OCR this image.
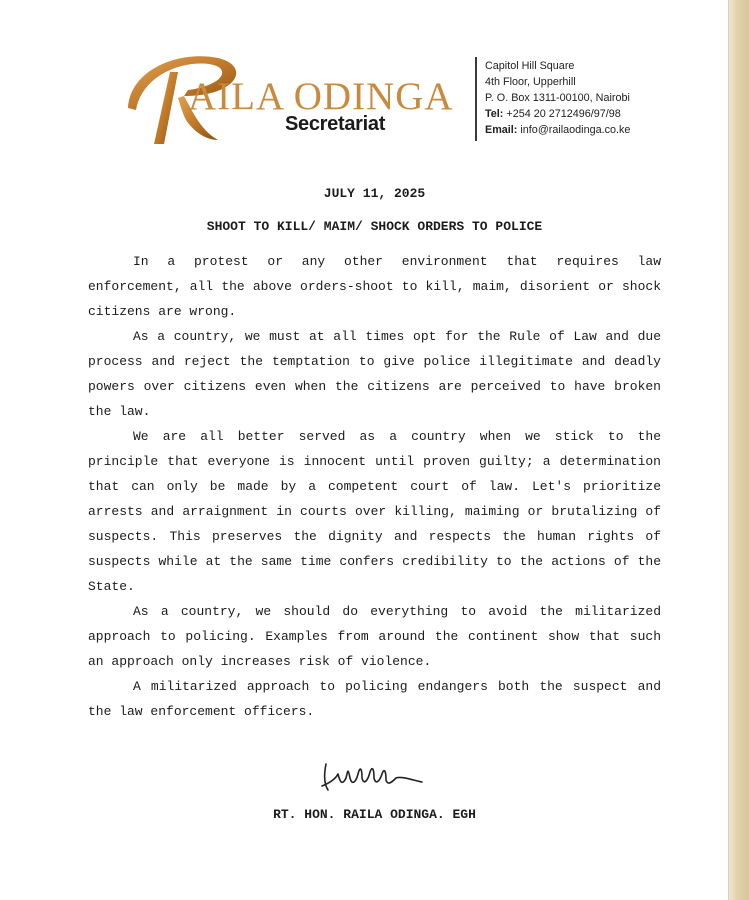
AILA ODINGA
Secretariat
Capitol Hill Square
4th Floor, Upperhill
P. O. Box 1311-00100, Nairobi
Tel: +254 20 2712496/97/98
Email: info@railaodinga.co.ke
JULY 11, 2025
SHOOT TO KILL/ MAIM/ SHOCK ORDERS TO POLICE

In a protest or any other environment that requires law enforcement, all the above orders-shoot to kill, maim, disorient or shock citizens are wrong.

As a country, we must at all times opt for the Rule of Law and due process and reject the temptation to give police illegitimate and deadly powers over citizens even when the citizens are perceived to have broken the law.

We are all better served as a country when we stick to the principle that everyone is innocent until proven guilty; a determination that can only be made by a competent court of law. Let's prioritize arrests and arraignment in courts over killing, maiming or brutalizing of suspects. This preserves the dignity and respects the human rights of suspects while at the same time confers credibility to the actions of the State.

As a country, we should do everything to avoid the militarized approach to policing. Examples from around the continent show that such an approach only increases risk of violence.

A militarized approach to policing endangers both the suspect and the law enforcement officers.

RT. HON. RAILA ODINGA. EGH
